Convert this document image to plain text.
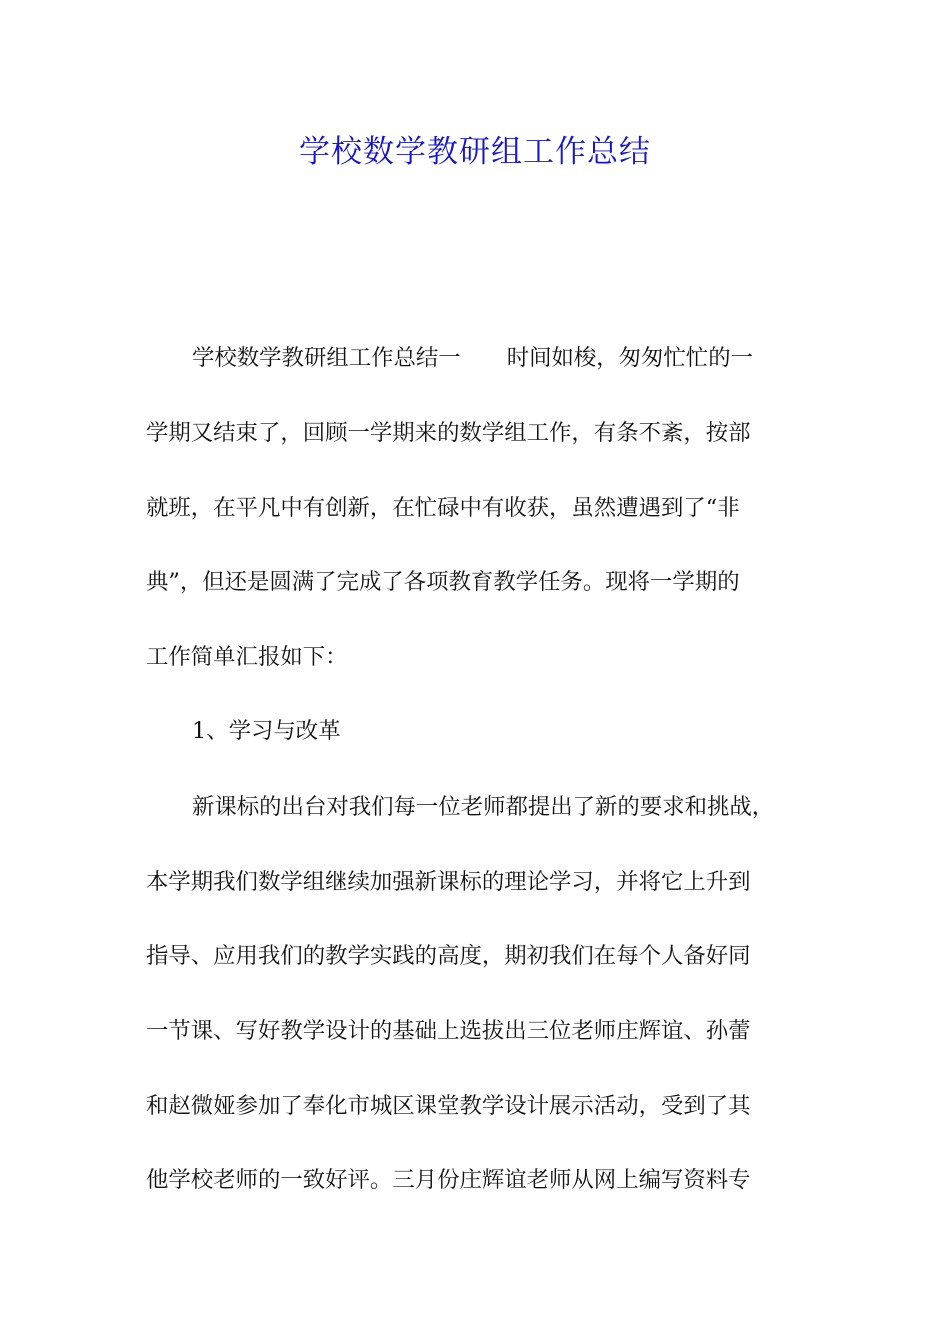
学校数学教研组工作总结
学校数学教研组工作总结一 时间如梭，匆匆忙忙的一
学期又结束了，回顾一学期来的数学组工作，有条不紊，按部
就班，在平凡中有创新，在忙碌中有收获，虽然遭遇到了“非
典”，但还是圆满了完成了各项教育教学任务。现将一学期的
工作简单汇报如下：
1、学习与改革
新课标的出台对我们每一位老师都提出了新的要求和挑战，
本学期我们数学组继续加强新课标的理论学习，并将它上升到
指导、应用我们的教学实践的高度，期初我们在每个人备好同
一节课、写好教学设计的基础上选拔出三位老师庄辉谊、孙蕾
和赵微娅参加了奉化市城区课堂教学设计展示活动，受到了其
他学校老师的一致好评。三月份庄辉谊老师从网上编写资料专
